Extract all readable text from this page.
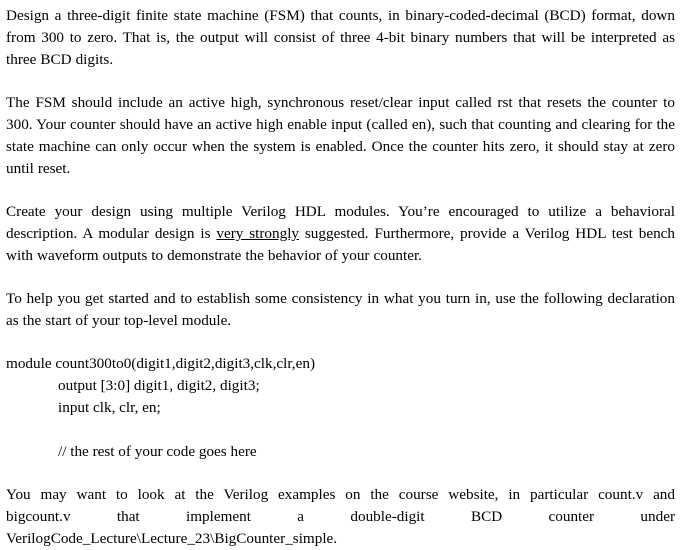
Design a three-digit finite state machine (FSM) that counts, in binary-coded-decimal (BCD) format, down from 300 to zero. That is, the output will consist of three 4-bit binary numbers that will be interpreted as three BCD digits.

The FSM should include an active high, synchronous reset/clear input called rst that resets the counter to 300. Your counter should have an active high enable input (called en), such that counting and clearing for the state machine can only occur when the system is enabled. Once the counter hits zero, it should stay at zero until reset.

Create your design using multiple Verilog HDL modules. You’re encouraged to utilize a behavioral description. A modular design is very strongly suggested. Furthermore, provide a Verilog HDL test bench with waveform outputs to demonstrate the behavior of your counter.

To help you get started and to establish some consistency in what you turn in, use the following declaration as the start of your top-level module.

module count300to0(digit1,digit2,digit3,clk,clr,en)
output [3:0] digit1, digit2, digit3;
input clk, clr, en;
// the rest of your code goes here

You may want to look at the Verilog examples on the course website, in particular count.v and
bigcount.v that implement a double-digit BCD counter under
VerilogCode_Lecture\Lecture_23\BigCounter_simple.
